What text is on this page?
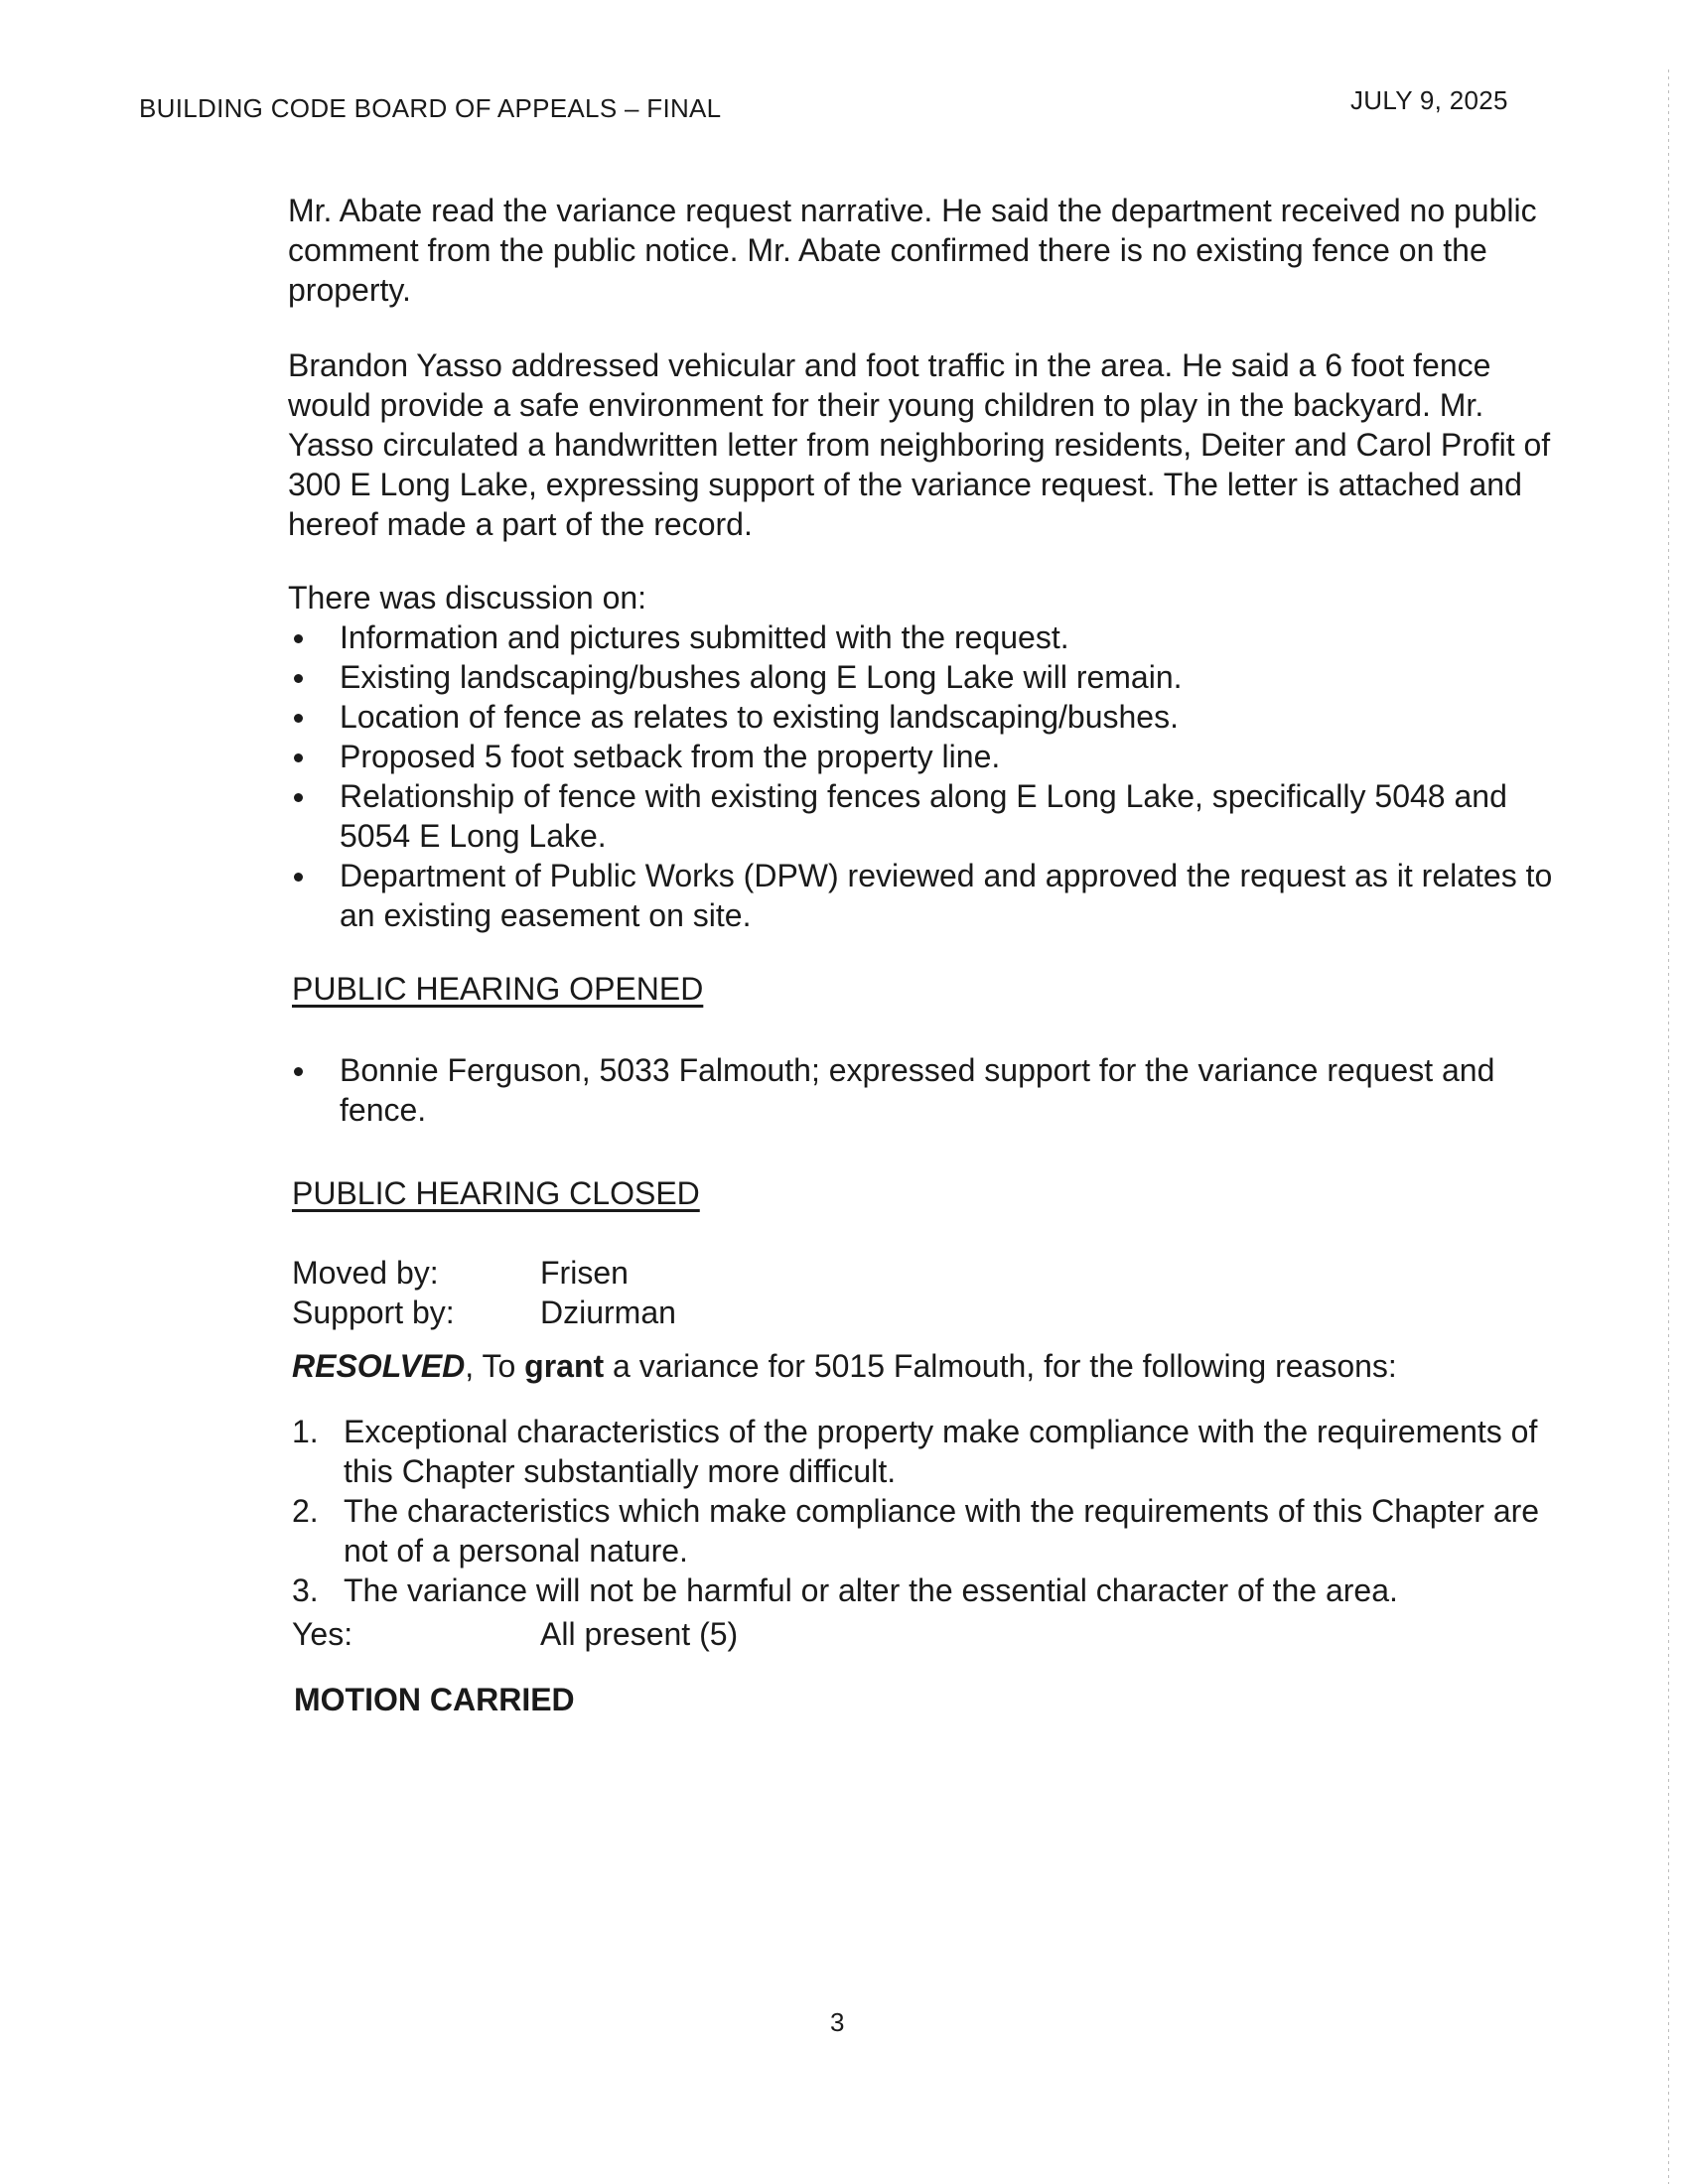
BUILDING CODE BOARD OF APPEALS – FINAL	JULY 9, 2025

Mr. Abate read the variance request narrative. He said the department received no public comment from the public notice. Mr. Abate confirmed there is no existing fence on the property.

Brandon Yasso addressed vehicular and foot traffic in the area. He said a 6 foot fence would provide a safe environment for their young children to play in the backyard. Mr. Yasso circulated a handwritten letter from neighboring residents, Deiter and Carol Profit of 300 E Long Lake, expressing support of the variance request. The letter is attached and hereof made a part of the record.

There was discussion on:

Information and pictures submitted with the request.
Existing landscaping/bushes along E Long Lake will remain.
Location of fence as relates to existing landscaping/bushes.
Proposed 5 foot setback from the property line.
Relationship of fence with existing fences along E Long Lake, specifically 5048 and 5054 E Long Lake.
Department of Public Works (DPW) reviewed and approved the request as it relates to an existing easement on site.
PUBLIC HEARING OPENED
Bonnie Ferguson, 5033 Falmouth; expressed support for the variance request and fence.
PUBLIC HEARING CLOSED
Moved by:	Frisen
Support by:	Dziurman
RESOLVED, To grant a variance for 5015 Falmouth, for the following reasons:
1. Exceptional characteristics of the property make compliance with the requirements of this Chapter substantially more difficult.
2. The characteristics which make compliance with the requirements of this Chapter are not of a personal nature.
3. The variance will not be harmful or alter the essential character of the area.
Yes:	All present (5)
MOTION CARRIED
3
